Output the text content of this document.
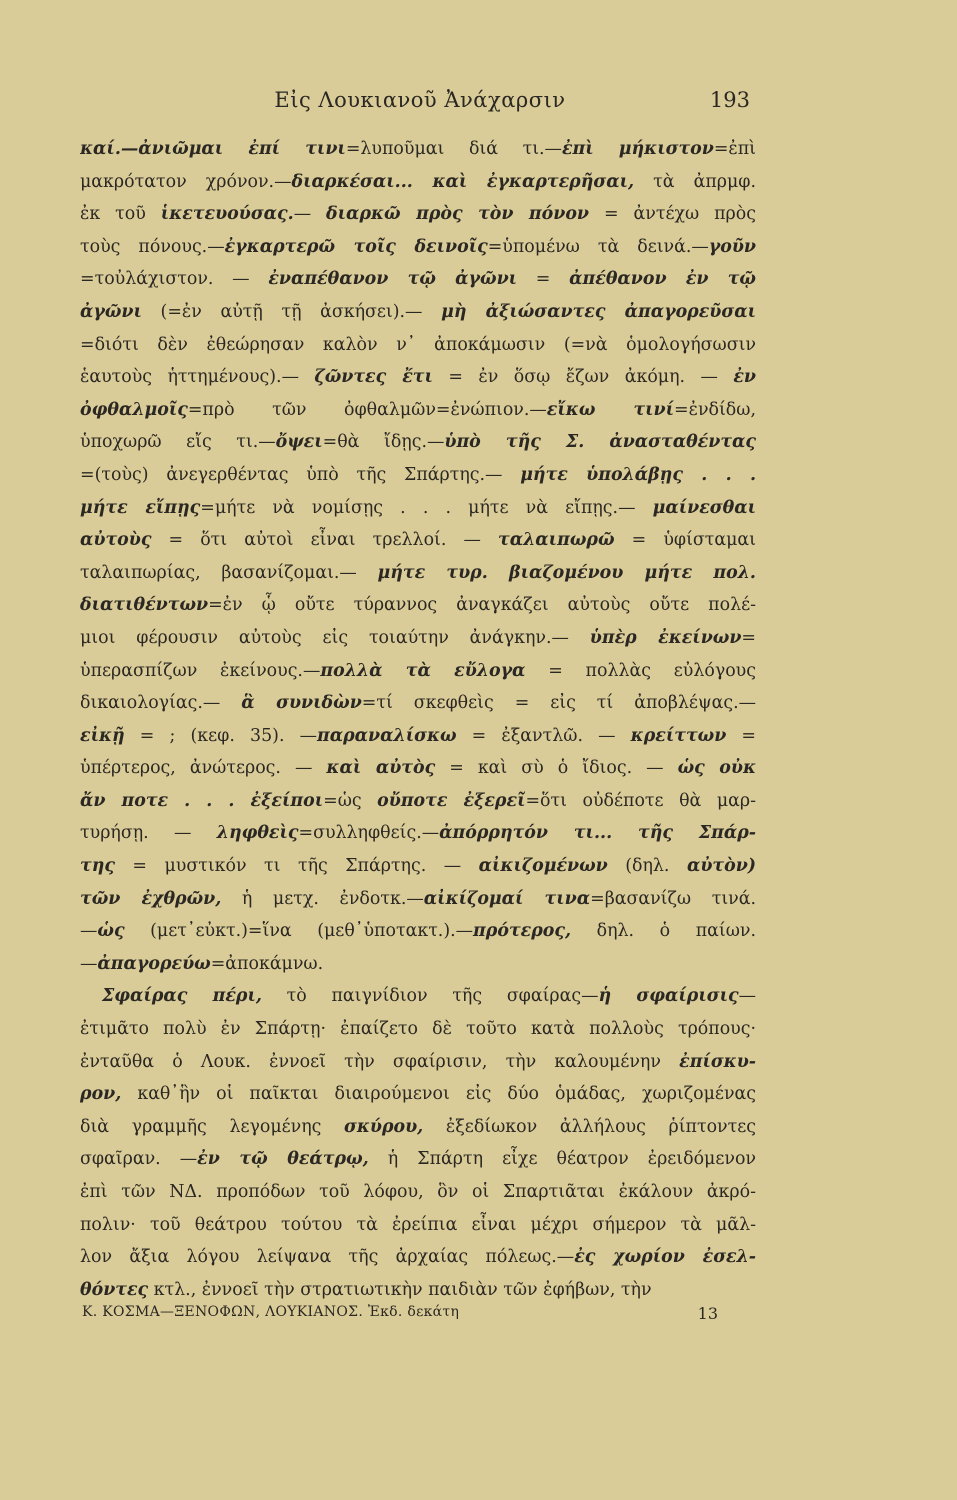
Εἰς Λουκιανοῦ Ἀνάχαρσιν	193
καί.—ἀνιῶμαι ἐπί τινι=λυποῦμαι διά τι.—ἐπὶ μήκιστον=ἐπὶ
μακρότατον χρόνον.—διαρκέσαι... καὶ ἐγκαρτερῆσαι, τὰ ἀπρμφ.
ἐκ τοῦ ἱκετευούσας.— διαρκῶ πρὸς τὸν πόνον = ἀντέχω πρὸς
τοὺς πόνους.—ἐγκαρτερῶ τοῖς δεινοῖς=ὑπομένω τὰ δεινά.—γοῦν
=τοὐλάχιστον. — ἐναπέθανον τῷ ἀγῶνι = ἀπέθανον ἐν τῷ
ἀγῶνι (=ἐν αὐτῇ τῇ ἀσκήσει).— μὴ ἀξιώσαντες ἀπαγορεῦσαι
=διότι δὲν ἐθεώρησαν καλὸν ν᾿ ἀποκάμωσιν (=νὰ ὁμολογήσωσιν
ἑαυτοὺς ἡττημένους).— ζῶντες ἔτι = ἐν ὅσῳ ἔζων ἀκόμη. — ἐν
ὀφθαλμοῖς=πρὸ τῶν ὀφθαλμῶν=ἐνώπιον.—εἴκω τινί=ἐνδίδω,
ὑποχωρῶ εἴς τι.—ὄψει=θὰ ἴδῃς.—ὑπὸ τῆς Σ. ἀνασταθέντας
=(τοὺς) ἀνεγερθέντας ὑπὸ τῆς Σπάρτης.— μήτε ὑπολάβῃς . . .
μήτε εἴπῃς=μήτε νὰ νομίσῃς . . . μήτε νὰ εἴπῃς.— μαίνεσθαι
αὐτοὺς = ὅτι αὐτοὶ εἶναι τρελλοί. — ταλαιπωρῶ = ὑφίσταμαι
ταλαιπωρίας, βασανίζομαι.— μήτε τυρ. βιαζομένου μήτε πολ.
διατιθέντων=ἐν ᾧ οὔτε τύραννος ἀναγκάζει αὐτοὺς οὔτε πολέ-
μιοι φέρουσιν αὐτοὺς εἰς τοιαύτην ἀνάγκην.— ὑπὲρ ἐκείνων=
ὑπερασπίζων ἐκείνους.—πολλὰ τὰ εὔλογα = πολλὰς εὐλόγους
δικαιολογίας.— ἃ συνιδὼν=τί σκεφθεὶς = εἰς τί ἀποβλέψας.—
εἰκῇ = ; (κεφ. 35). —παραναλίσκω = ἐξαντλῶ. — κρείττων =
ὑπέρτερος, ἀνώτερος. — καὶ αὐτὸς = καὶ σὺ ὁ ἴδιος. — ὡς οὐκ
ἄν ποτε . . . ἐξείποι=ὡς οὔποτε ἐξερεῖ=ὅτι οὐδέποτε θὰ μαρ-
τυρήσῃ. — ληφθεὶς=συλληφθείς.—ἀπόρρητόν τι... τῆς Σπάρ-
της = μυστικόν τι τῆς Σπάρτης. — αἰκιζομένων (δηλ. αὐτὸν)
τῶν ἐχθρῶν, ἡ μετχ. ἐνδοτκ.—αἰκίζομαί τινα=βασανίζω τινά.
—ὡς (μετ᾿εὐκτ.)=ἵνα (μεθ᾿ὑποτακτ.).—πρότερος, δηλ. ὁ παίων.
—ἀπαγορεύω=ἀποκάμνω.
Σφαίρας πέρι, τὸ παιγνίδιον τῆς σφαίρας—ἡ σφαίρισις—
ἐτιμᾶτο πολὺ ἐν Σπάρτῃ· ἐπαίζετο δὲ τοῦτο κατὰ πολλοὺς τρόπους·
ἐνταῦθα ὁ Λουκ. ἐννοεῖ τὴν σφαίρισιν, τὴν καλουμένην ἐπίσκυ-
ρον, καθ᾿ἣν οἱ παῖκται διαιρούμενοι εἰς δύο ὁμάδας, χωριζομένας
διὰ γραμμῆς λεγομένης σκύρου, ἐξεδίωκον ἀλλήλους ῥίπτοντες
σφαῖραν. —ἐν τῷ θεάτρῳ, ἡ Σπάρτη εἶχε θέατρον ἐρειδόμενον
ἐπὶ τῶν ΝΔ. προπόδων τοῦ λόφου, ὃν οἱ Σπαρτιᾶται ἐκάλουν ἀκρό-
πολιν· τοῦ θεάτρου τούτου τὰ ἐρείπια εἶναι μέχρι σήμερον τὰ μᾶλ-
λον ἄξια λόγου λείψανα τῆς ἀρχαίας πόλεως.—ἐς χωρίον ἐσελ-
θόντες κτλ., ἐννοεῖ τὴν στρατιωτικὴν παιδιὰν τῶν ἐφήβων, τὴν
Κ. ΚΟΣΜΑ—ΞΕΝΟΦΩΝ, ΛΟΥΚΙΑΝΟΣ. Ἐκδ. δεκάτη	13
